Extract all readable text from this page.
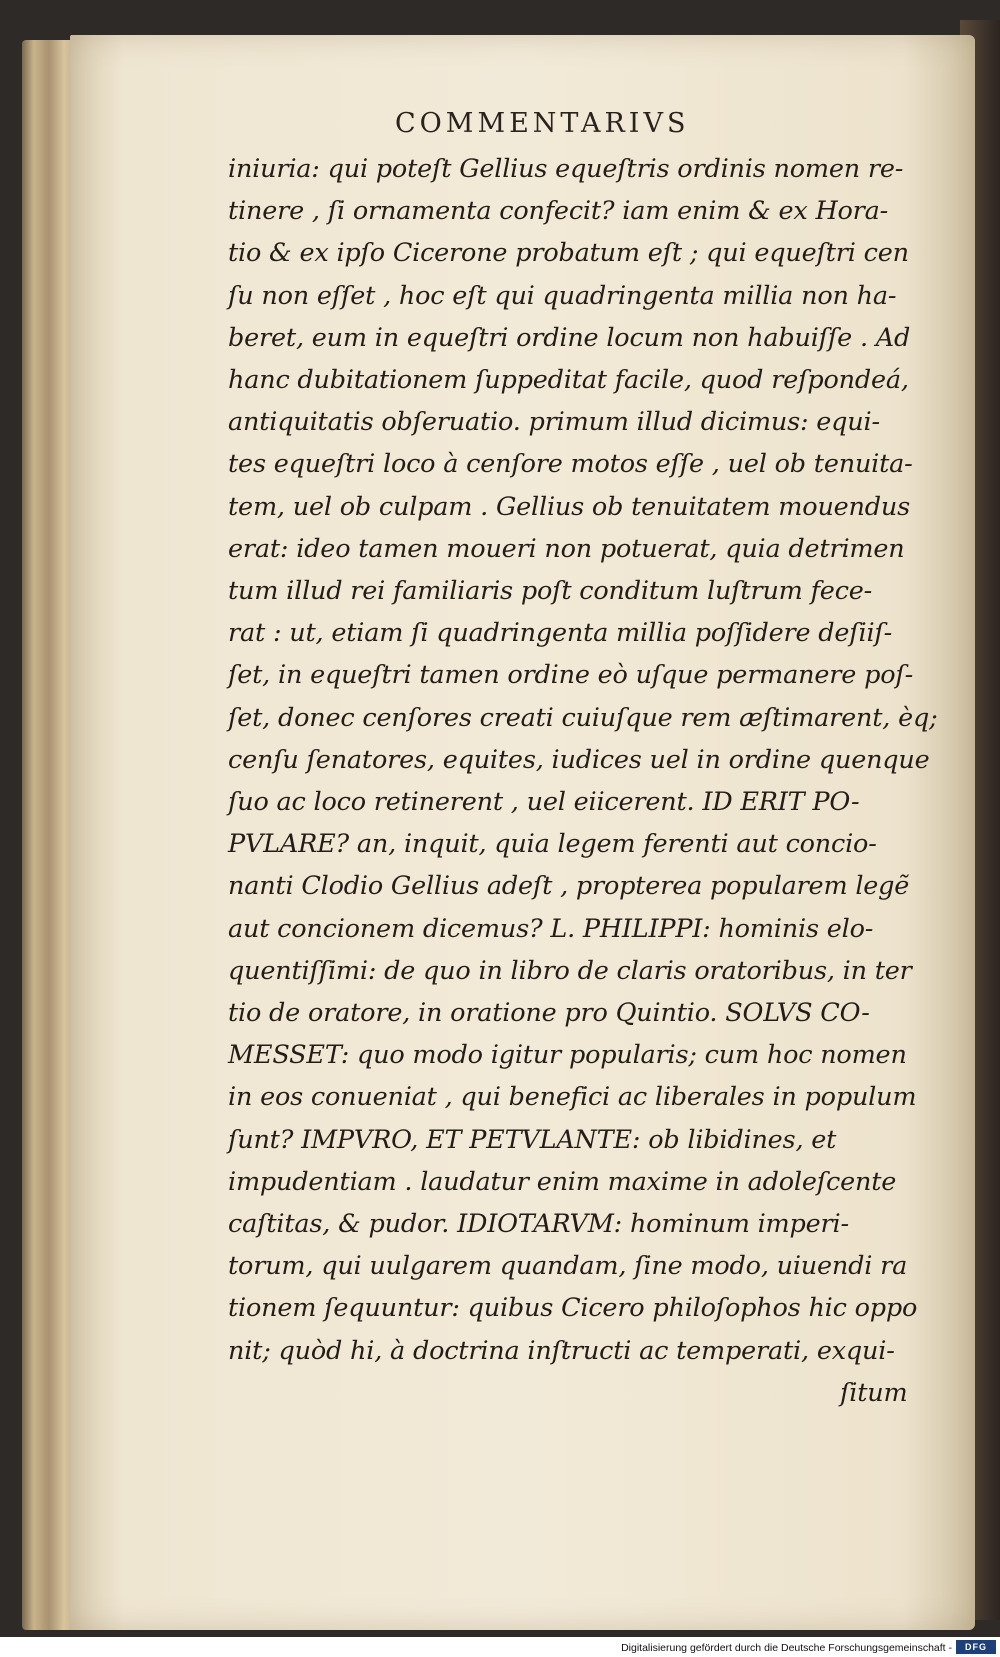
COMMENTARIVS
iniuria: qui poteſt Gellius equeſtris ordinis nomen re-
tinere , ſi ornamenta confecit? iam enim & ex Hora-
tio & ex ipſo Cicerone probatum eſt ; qui equeſtri cen
ſu non eſſet , hoc eſt qui quadringenta millia non ha-
beret, eum in equeſtri ordine locum non habuiſſe . Ad
hanc dubitationem ſuppeditat facile, quod reſpondeá,
antiquitatis obſeruatio. primum illud dicimus: equi-
tes equeſtri loco à cenſore motos eſſe , uel ob tenuita-
tem, uel ob culpam . Gellius ob tenuitatem mouendus
erat: ideo tamen moueri non potuerat, quia detrimen
tum illud rei familiaris poſt conditum luſtrum fece-
rat : ut, etiam ſi quadringenta millia poſſidere deſiiſ-
ſet, in equeſtri tamen ordine eò uſque permanere poſ-
ſet, donec cenſores creati cuiuſque rem æſtimarent, èq;
cenſu ſenatores, equites, iudices uel in ordine quenque
ſuo ac loco retinerent , uel eiicerent. ID ERIT PO-
PVLARE? an, inquit, quia legem ferenti aut concio-
nanti Clodio Gellius adeſt , propterea popularem legẽ
aut concionem dicemus? L. PHILIPPI: hominis elo-
quentiſſimi: de quo in libro de claris oratoribus, in ter
tio de oratore, in oratione pro Quintio. SOLVS CO-
MESSET: quo modo igitur popularis; cum hoc nomen
in eos conueniat , qui benefici ac liberales in populum
ſunt? IMPVRO, ET PETVLANTE: ob libidines, et
impudentiam . laudatur enim maxime in adoleſcente
caſtitas, & pudor. IDIOTARVM: hominum imperi-
torum, qui uulgarem quandam, ſine modo, uiuendi ra
tionem ſequuntur: quibus Cicero philoſophos hic oppo
nit; quòd hi, à doctrina inſtructi ac temperati, exqui-
ſitum
Digitalisierung gefördert durch die Deutsche Forschungsgemeinschaft -	DFG
